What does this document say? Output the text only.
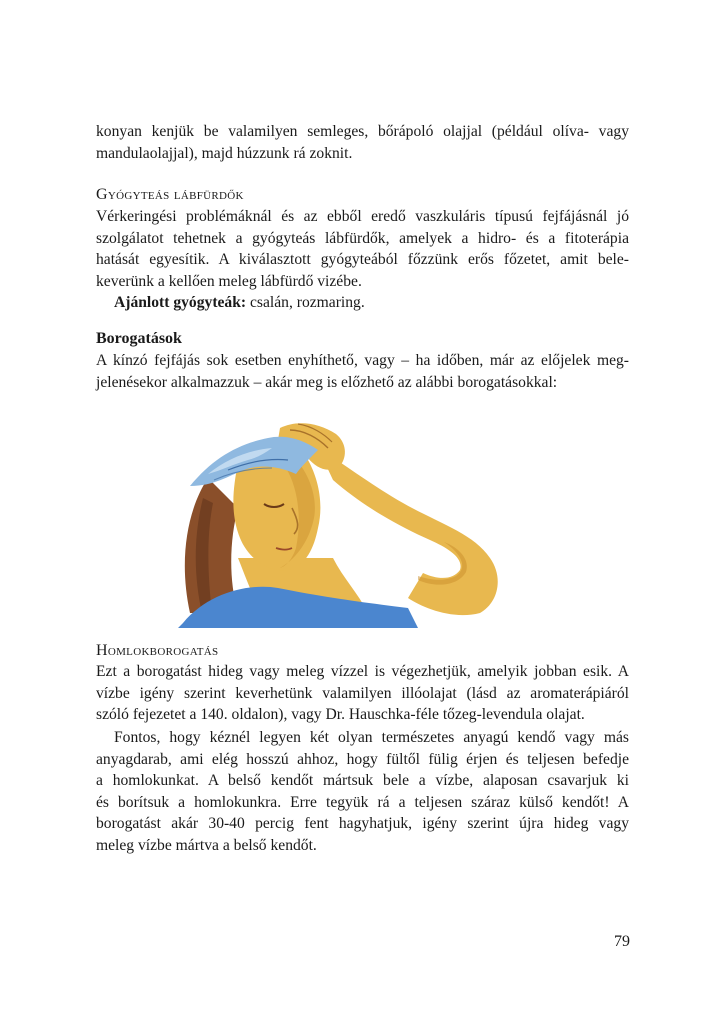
konyan kenjük be valamilyen semleges, bőrápoló olajjal (például olíva- vagy
mandulaolajjal), majd húzzunk rá zoknit.
Gyógyteás lábfürdők
Vérkeringési problémáknál és az ebből eredő vaszkuláris típusú fejfájásnál jó
szolgálatot tehetnek a gyógyteás lábfürdők, amelyek a hidro- és a fitoterápia
hatását egyesítik. A kiválasztott gyógyteából főzzünk erős főzetet, amit bele-
keverünk a kellően meleg lábfürdő vizébe.
Ajánlott gyógyteák: csalán, rozmaring.
Borogatások
A kínzó fejfájás sok esetben enyhíthető, vagy – ha időben, már az előjelek meg-
jelenésekor alkalmazzuk – akár meg is előzhető az alábbi borogatásokkal:
Homlokborogatás
Ezt a borogatást hideg vagy meleg vízzel is végezhetjük, amelyik jobban esik. A
vízbe igény szerint keverhetünk valamilyen illóolajat (lásd az aromaterápiáról
szóló fejezetet a 140. oldalon), vagy Dr. Hauschka-féle tőzeg-levendula olajat.
Fontos, hogy kéznél legyen két olyan természetes anyagú kendő vagy más
anyagdarab, ami elég hosszú ahhoz, hogy fültől fülig érjen és teljesen befedje
a homlokunkat. A belső kendőt mártsuk bele a vízbe, alaposan csavarjuk ki
és borítsuk a homlokunkra. Erre tegyük rá a teljesen száraz külső kendőt! A
borogatást akár 30-40 percig fent hagyhatjuk, igény szerint újra hideg vagy
meleg vízbe mártva a belső kendőt.
79
